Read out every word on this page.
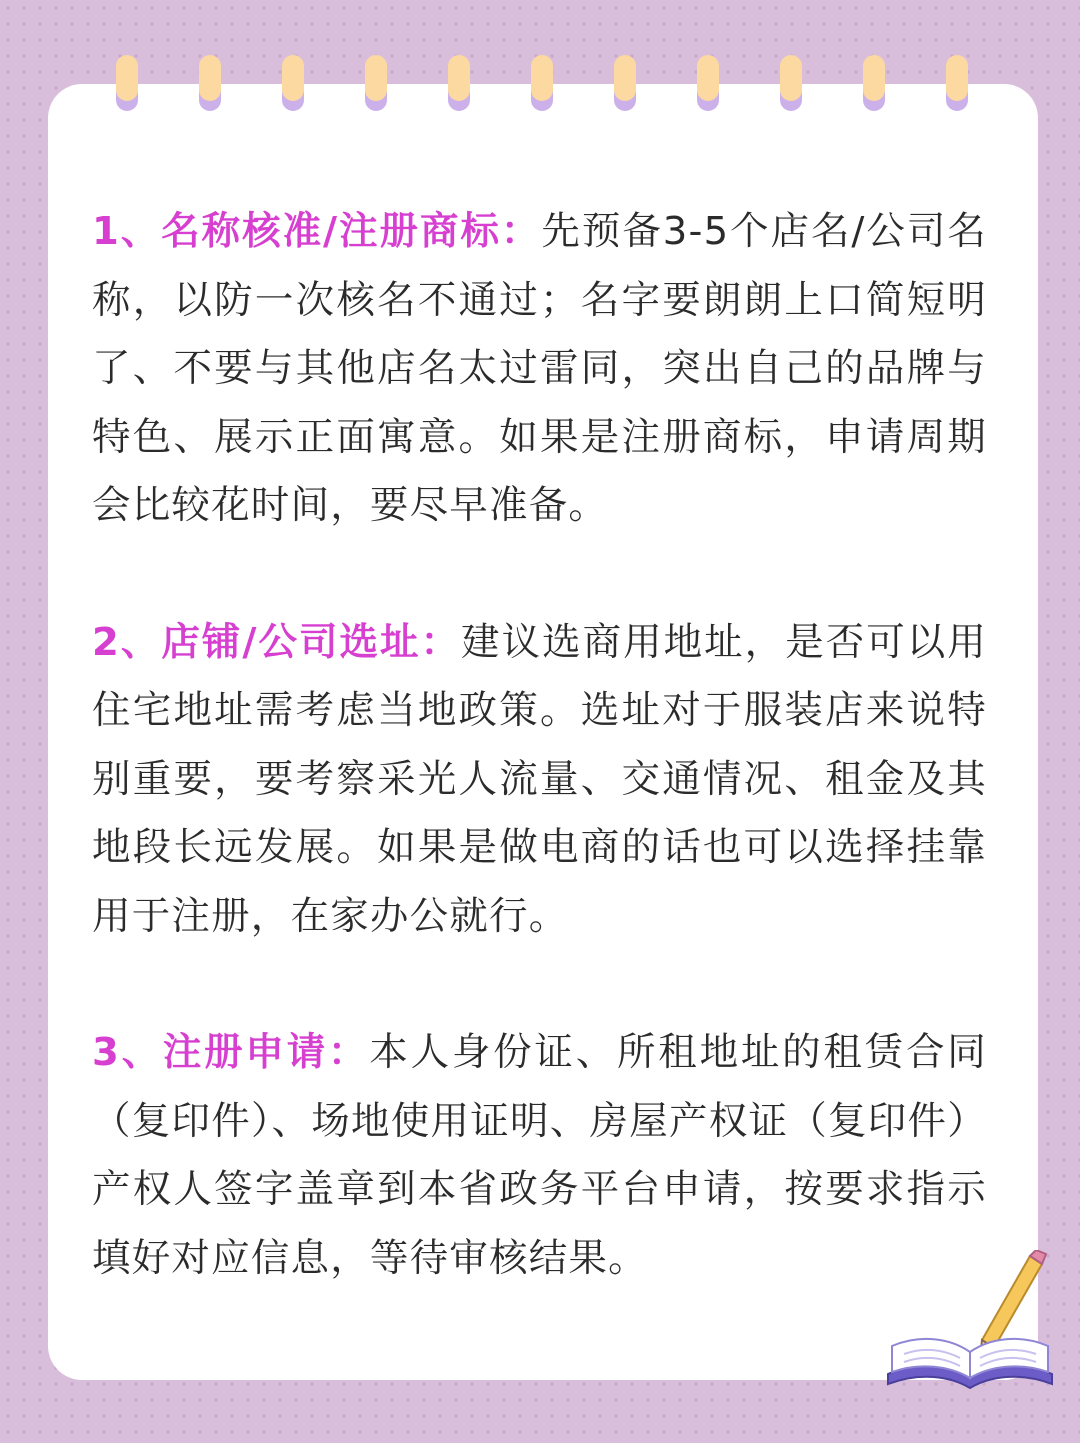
1、名称核准/注册商标：先预备3-5个店名/公司名称，以防一次核名不通过；名字要朗朗上口简短明了、不要与其他店名太过雷同，突出自己的品牌与特色、展示正面寓意。如果是注册商标，申请周期会比较花时间，要尽早准备。

2、店铺/公司选址：建议选商用地址，是否可以用住宅地址需考虑当地政策。选址对于服装店来说特别重要，要考察采光人流量、交通情况、租金及其地段长远发展。如果是做电商的话也可以选择挂靠用于注册，在家办公就行。

3、注册申请：本人身份证、所租地址的租赁合同（复印件）、场地使用证明、房屋产权证（复印件）产权人签字盖章到本省政务平台申请，按要求指示填好对应信息，等待审核结果。
